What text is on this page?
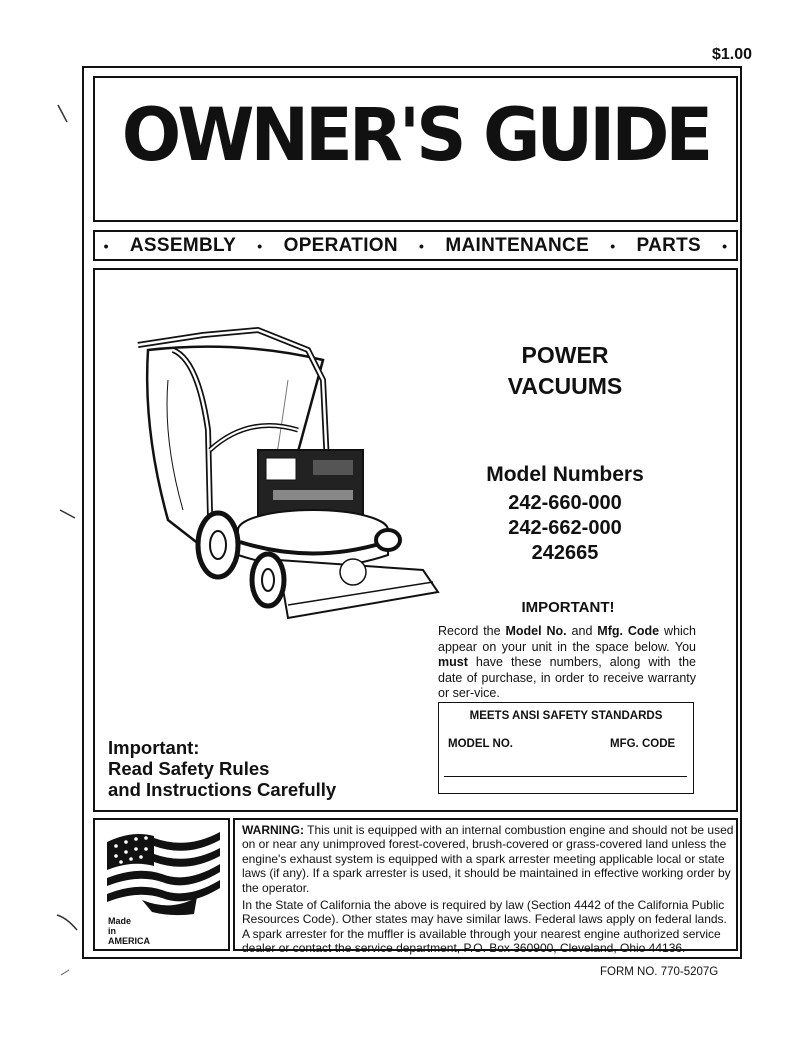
$1.00
OWNER'S GUIDE
• ASSEMBLY • OPERATION • MAINTENANCE • PARTS •
POWER
VACUUMS
Model Numbers
242-660-000
242-662-000
242665
IMPORTANT!
Record the Model No. and Mfg. Code which appear on your unit in the space below. You must have these numbers, along with the date of purchase, in order to receive warranty or ser-vice.
MEETS ANSI SAFETY STANDARDS
MODEL NO.	MFG. CODE
Important:
Read Safety Rules
and Instructions Carefully
Made
in
AMERICA

WARNING: This unit is equipped with an internal combustion engine and should not be used on or near any unimproved forest-covered, brush-covered or grass-covered land unless the engine's exhaust system is equipped with a spark arrester meeting applicable local or state laws (if any). If a spark arrester is used, it should be maintained in effective working order by the operator.

In the State of California the above is required by law (Section 4442 of the California Public Resources Code). Other states may have similar laws. Federal laws apply on federal lands. A spark arrester for the muffler is available through your nearest engine authorized service dealer or contact the service department, P.O. Box 360900, Cleveland, Ohio 44136.

FORM NO. 770-5207G
